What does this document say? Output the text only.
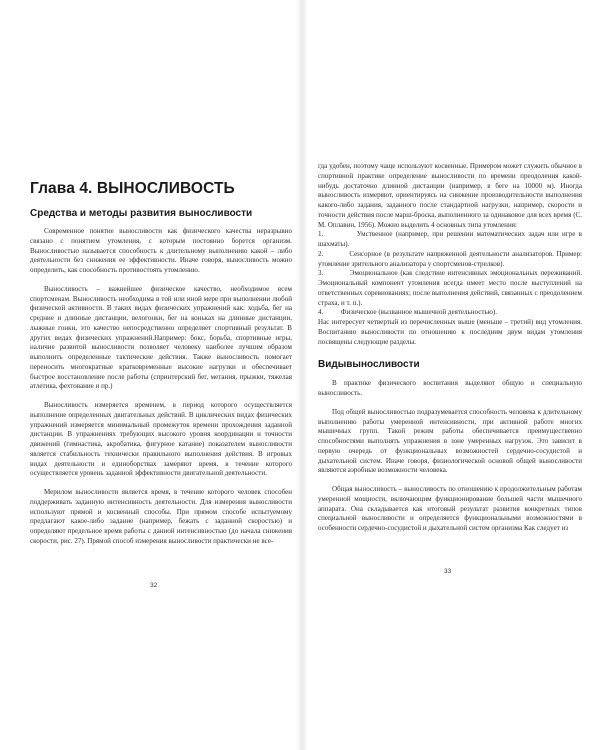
Глава 4. ВЫНОСЛИВОСТЬ
Средства и методы развития выносливости

Современное понятие выносливости как физического качества неразрывно связано с понятием утомления, с которым постоянно борется организм. Выносливостью называется способность к длительному выполнению какой – либо деятельности без снижения ее эффективности. Иначе говоря, выносливость можно определить, как способность противостоять утомлению.

Выносливость – важнейшее физическое качество, необходимое всем спортсменам. Выносливость необходима в той или иной мере при выполнении любой физической активности. В таких видах физических упражнений как: ходьба, бег на средние и длинные дистанции, велогонки, бег на коньках на длинные дистанции, лыжные гонки, это качество непосредственно определяет спортивный результат. В других видах физических упражнений.Например: бокс, борьба, спортивные игры, наличие развитой выносливости позволяет человеку наиболее лучшим образом выполнить определенные тактические действия. Также выносливость помогает переносить многократные кратковременные высокие нагрузки и обеспечивает быстрое восстановление после работы (спринтерский бег, метания, прыжки, тяжелая атлетика, фехтование и пр.)

Выносливость измеряется временем, в период которого осуществляется выполнение определенных двигательных действий. В циклических видах физических упражнений измеряется минимальный промежуток времени прохождения заданной дистанции. В упражнениях требующих высокого уровня координации и точности движений (гимнастика, акробатика, фигурное катание) показателем выносливости является стабильность технически правильного выполнения действия. В игровых видах деятельности и единоборствах замеряют время, в течение которого осуществляется уровень заданной эффективности двигательной деятельности.

Мерилом выносливости является время, в течение которого человек способен поддерживать заданную интенсивность деятельности. Для измерения выносливости используют прямой и косвенный способы. При прямом способе испытуемому предлагают какое-либо задание (например, бежать с заданной скоростью) и определяют предельное время работы с данной интенсивностью (до начала снижения скорости, рис. 27). Прямой способ измерения выносливости практически не все-

32

гда удобен, поэтому чаще используют косвенные. Примером может служить обычное в спортивной практике определение выносливости по времени преодоления какой-нибудь достаточно длинной дистанции (например, в беге на 10000 м). Иногда выносливость измеряют, ориентируясь на снижение производительности выполнения какого-либо задания, заданного после стандартной нагрузки, например, скорости и точности действия после марш-броска, выполненного за одинаковое для всех время (С. М. Оплавин, 1956). Можно выделить 4 основных типа утомления:

1.          Умственное (например, при решении математических задач или игре в шахматы).

2.          Сенсорное (в результате напряженной деятельности анализаторов. Пример: утомление зрительного анализатора у спортсменов-стрелков).

3.          Эмоциональное (как следствие интенсивных эмоциональных переживаний. Эмоциональный компонент утомления всегда имеет место после выступлений на ответственных соревнованиях; после выполнения действий, связанных с преодолением страха, и т. п.).

4.          Физическое (вызванное мышечной деятельностью).

Нас интересует четвертый из перечисленных выше (меньше – третий) вид утомления. Воспитанию выносливости по отношению к последним двум видам утомления посвящены следующие разделы.

Видывыносливости

В практике физического воспитания выделяют общую и специальную выносливость.

Под общей выносливостью подразумевается способность человека к длительному выполнению работы умеренной интенсивности, при активной работе многих мышечных групп. Такой режим работы обеспечивается преимущественно способностями выполнять упражнения в зоне умеренных нагрузок. Это зависит в первую очередь от функциональных возможностей сердечно-сосудистой и дыхательной систем. Иначе говоря, физиологической основой общей выносливости являются аэробные возможности человека.

Общая выносливость – выносливость по отношению к продолжительным работам умеренной мощности, включающим функционирование большей части мышечного аппарата. Она складывается как итоговый результат развития конкретных типов специальной выносливости и определяется функциональными возможностями в особенности сердечно-сосудистой и дыхательной систем организма Как следует из

33
